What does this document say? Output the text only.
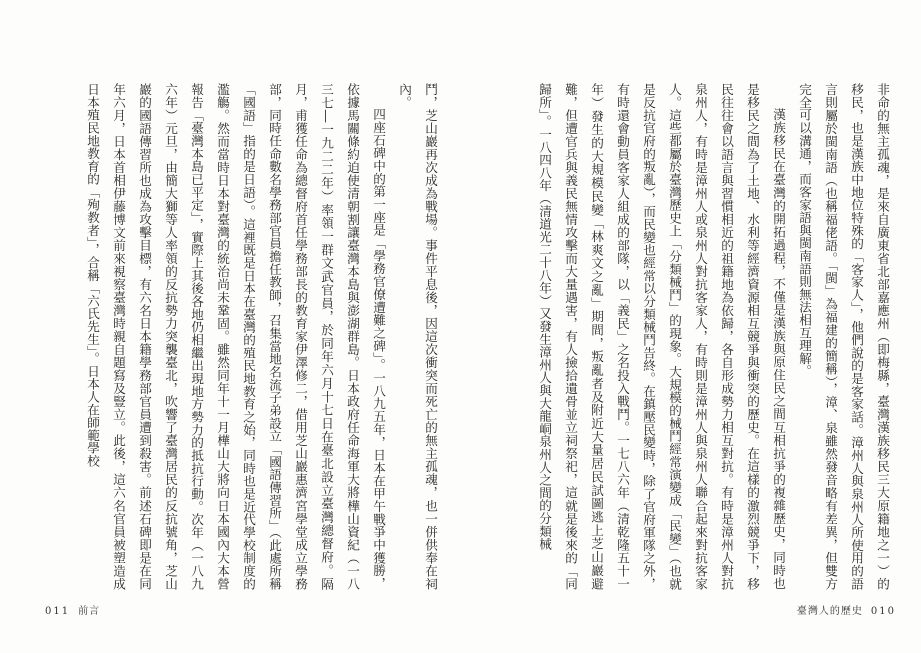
非命的無主孤魂，是來自廣東省北部嘉應州（即梅縣，臺灣漢族移民三大原籍地之一）的移民，也是漢族中地位特殊的「客家人」，他們說的是客家話。漳州人與泉州人所使用的語言則屬於閩南語（也稱福佬語。「閩」為福建的簡稱），漳、泉雖然發音略有差異，但雙方完全可以溝通，而客家語與閩南語則無法相互理解。

漢族移民在臺灣的開拓過程，不僅是漢族與原住民之間互相抗爭的複雜歷史，同時也是移民之間為了土地、水利等經濟資源相互競爭與衝突的歷史。在這樣的激烈競爭下，移民往往會以語言與習慣相近的祖籍地為依歸，各自形成勢力相互對抗。有時是漳州人對抗泉州人，有時是漳州人或泉州人對抗客家人，有時則是漳州人與泉州人聯合起來對抗客家人。這些都屬於臺灣歷史上「分類械鬥」的現象。大規模的械鬥經常演變成「民變」（也就是反抗官府的叛亂），而民變也經常以分類械鬥告終。在鎮壓民變時，除了官府軍隊之外，有時還會動員客家人組成的部隊，以「義民」之名投入戰鬥。一七八六年（清乾隆五十一年）發生的大規模民變「林爽文之亂」期間，叛亂者及附近大量居民試圖逃上芝山巖避難，但遭官兵與義民無情攻擊而大量遇害，有人撿拾遺骨並立祠祭祀，這就是後來的「同歸所」。一八四八年（清道光二十八年）又發生漳州人與大龍峒泉州人之間的分類械

臺灣人的歷史 010

鬥，芝山巖再次成為戰場。事件平息後，因這次衝突而死亡的無主孤魂，也一併供奉在祠內。

四座石碑中的第一座是「學務官僚遭難之碑」。一八九五年，日本在甲午戰爭中獲勝，依據馬關條約迫使清朝割讓臺灣本島與澎湖群島。日本政府任命海軍大將樺山資紀（一八三七―一九二二年）率領一群文武官員，於同年六月十七日在臺北設立臺灣總督府。隔月，甫獲任命為總督府首任學務部長的教育家伊澤修二，借用芝山巖惠濟宮學堂成立學務部，同時任命數名學務部官員擔任教師，召集當地名流子弟設立「國語傳習所」（此處所稱「國語」指的是日語）。這裡既是日本在臺灣的殖民地教育之始，同時也是近代學校制度的濫觴。然而當時日本對臺灣的統治尚未鞏固。雖然同年十一月樺山大將向日本國內大本營報告「臺灣本島已平定」，實際上其後各地仍相繼出現地方勢力的抵抗行動。次年（一八九六年）元旦，由簡大獅等人率領的反抗勢力突襲臺北，吹響了臺灣居民的反抗號角，芝山巖的國語傳習所也成為攻擊目標，有六名日本籍學務部官員遭到殺害。前述石碑即是在同年六月，日本首相伊藤博文前來視察臺灣時親自題寫及豎立。此後，這六名官員被塑造成日本殖民地教育的「殉教者」，合稱「六氏先生」。日本人在師範學校

011 前言
